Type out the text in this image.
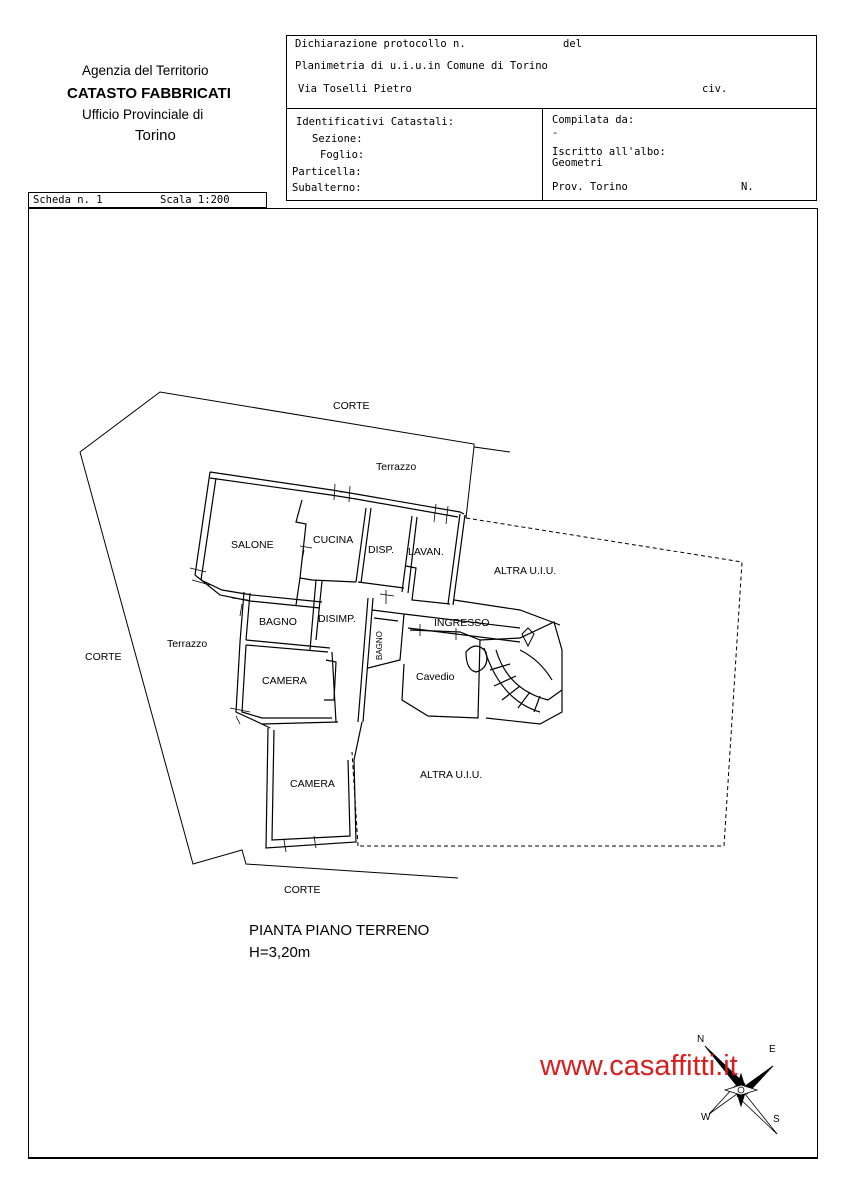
Agenzia del Territorio
CATASTO FABBRICATI
Ufficio Provinciale di
Torino
Dichiarazione protocollo n.	del
Planimetria di u.i.u.in Comune di Torino
Via Toselli Pietro	civ.
Identificativi Catastali:
Sezione:
Foglio:
Particella:
Subalterno:
Compilata da:
-
Iscritto all'albo:
Geometri
Prov. Torino	N.
Scheda n. 1	Scala 1:200
CORTE
Terrazzo
SALONE	CUCINA
DISP. LAVAN.
ALTRA U.I.U.
BAGNO DISIMP.	INGRESSO
CORTE
Terrazzo
CAMERA	Cavedio
ALTRA U.I.U.
CAMERA
CORTE
BAGNO
N
E
S
W
PIANTA PIANO TERRENO
H=3,20m
www.casaffitti.it
